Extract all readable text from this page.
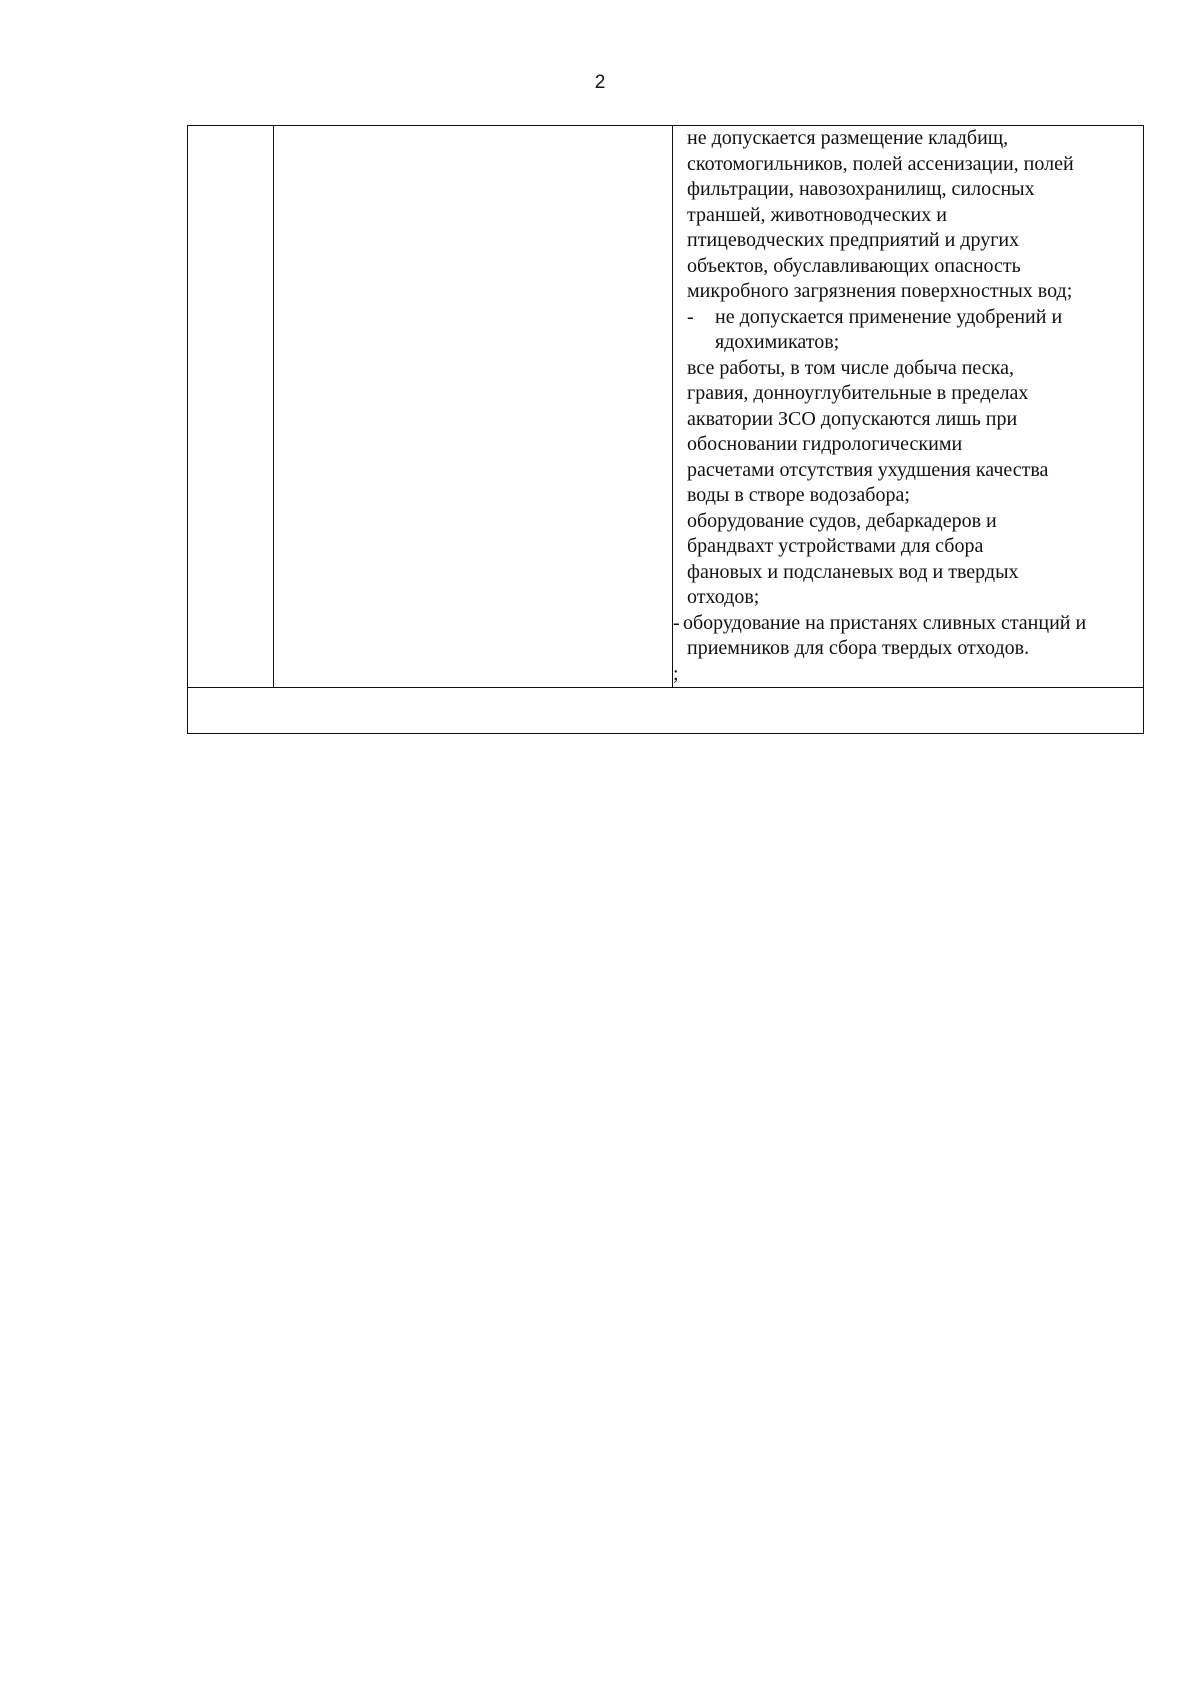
2

не допускается размещение кладбищ,
скотомогильников, полей ассенизации, полей
фильтрации, навозохранилищ, силосных
траншей, животноводческих и
птицеводческих предприятий и других
объектов, обуславливающих опасность
микробного загрязнения поверхностных вод;
- не допускается применение удобрений и
ядохимикатов;
все работы, в том числе добыча песка,
гравия, донноуглубительные в пределах
акватории ЗСО допускаются лишь при
обосновании гидрологическими
расчетами отсутствия ухудшения качества
воды в створе водозабора;
оборудование судов, дебаркадеров и
брандвахт устройствами для сбора
фановых и подсланевых вод и твердых
отходов;
- оборудование на пристанях сливных станций и
приемников для сбора твердых отходов.
;
